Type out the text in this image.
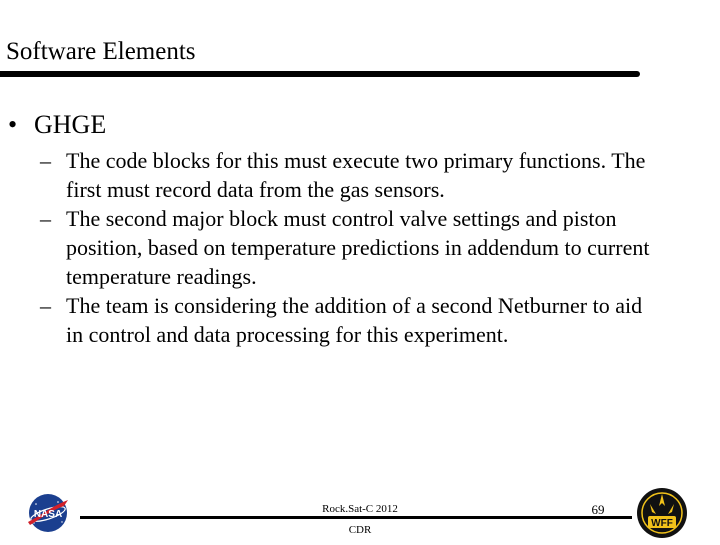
Software Elements
• GHGE

– The code blocks for this must execute two primary functions. The first must record data from the gas sensors.

– The second major block must control valve settings and piston position, based on temperature predictions in addendum to current temperature readings.

– The team is considering the addition of a second Netburner to aid in control and data processing for this experiment.

NASA	Rock.Sat-C 2012
CDR
69
WFF
